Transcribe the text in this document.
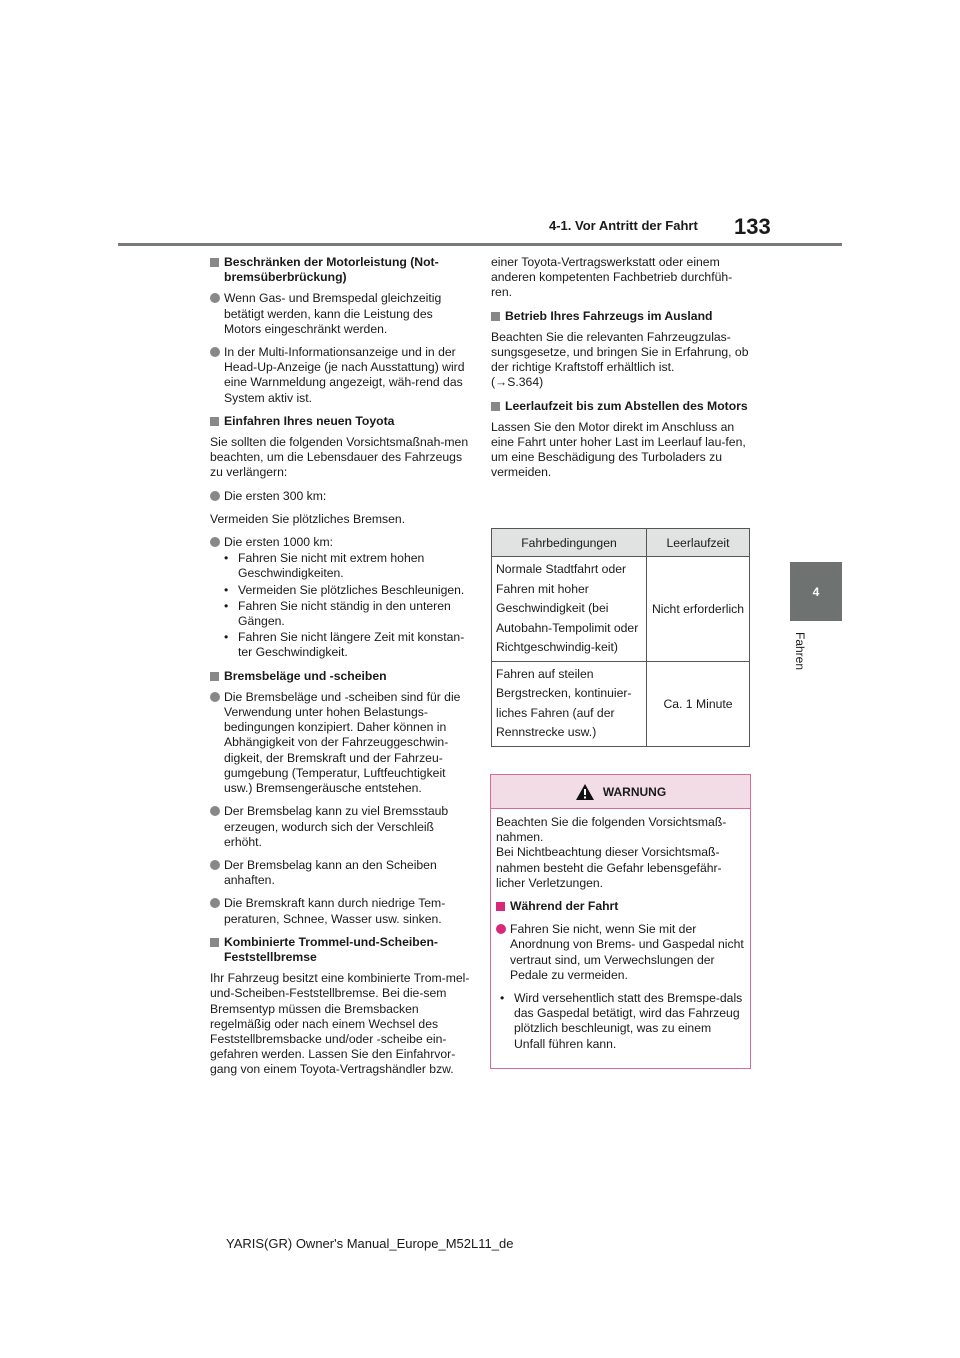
4-1. Vor Antritt der Fahrt 133
4
Fahren

Beschränken der Motorleistung (Not-bremsüberbrückung)

Wenn Gas- und Bremspedal gleichzeitig betätigt werden, kann die Leistung des Motors eingeschränkt werden.

In der Multi-Informationsanzeige und in der Head-Up-Anzeige (je nach Ausstattung) wird eine Warnmeldung angezeigt, wäh-rend das System aktiv ist.

Einfahren Ihres neuen Toyota

Sie sollten die folgenden Vorsichtsmaßnah-men beachten, um die Lebensdauer des Fahrzeugs zu verlängern:

Die ersten 300 km:

Vermeiden Sie plötzliches Bremsen.

Die ersten 1000 km:

• Fahren Sie nicht mit extrem hohen Geschwindigkeiten.

• Vermeiden Sie plötzliches Beschleunigen.

• Fahren Sie nicht ständig in den unteren Gängen.

• Fahren Sie nicht längere Zeit mit konstan-ter Geschwindigkeit.

Bremsbeläge und -scheiben

Die Bremsbeläge und -scheiben sind für die Verwendung unter hohen Belastungs-bedingungen konzipiert. Daher können in Abhängigkeit von der Fahrzeuggeschwin-digkeit, der Bremskraft und der Fahrzeu-gumgebung (Temperatur, Luftfeuchtigkeit usw.) Bremsengeräusche entstehen.

Der Bremsbelag kann zu viel Bremsstaub erzeugen, wodurch sich der Verschleiß erhöht.

Der Bremsbelag kann an den Scheiben anhaften.

Die Bremskraft kann durch niedrige Tem-peraturen, Schnee, Wasser usw. sinken.

Kombinierte Trommel-und-Scheiben-Feststellbremse

Ihr Fahrzeug besitzt eine kombinierte Trom-mel-und-Scheiben-Feststellbremse. Bei die-sem Bremsentyp müssen die Bremsbacken regelmäßig oder nach einem Wechsel des Feststellbremsbacke und/oder -scheibe ein-gefahren werden. Lassen Sie den Einfahrvor-gang von einem Toyota-Vertragshändler bzw.

einer Toyota-Vertragswerkstatt oder einem anderen kompetenten Fachbetrieb durchfüh-ren.

Betrieb Ihres Fahrzeugs im Ausland

Beachten Sie die relevanten Fahrzeugzulas-sungsgesetze, und bringen Sie in Erfahrung, ob der richtige Kraftstoff erhältlich ist.

(→S.364)

Leerlaufzeit bis zum Abstellen des Motors

Lassen Sie den Motor direkt im Anschluss an eine Fahrt unter hoher Last im Leerlauf lau-fen, um eine Beschädigung des Turboladers zu vermeiden.

Fahrbedingungen	Leerlaufzeit
Normale Stadtfahrt oder Fahren mit hoher Geschwindigkeit (bei Autobahn-Tempolimit oder Richtgeschwindig-keit)	Nicht erforderlich
Fahren auf steilen Bergstrecken, kontinuier-liches Fahren (auf der Rennstrecke usw.)	Ca. 1 Minute
WARNUNG

Beachten Sie die folgenden Vorsichtsmaß-nahmen.

Bei Nichtbeachtung dieser Vorsichtsmaß-nahmen besteht die Gefahr lebensgefähr-licher Verletzungen.

Während der Fahrt

Fahren Sie nicht, wenn Sie mit der Anordnung von Brems- und Gaspedal nicht vertraut sind, um Verwechslungen der Pedale zu vermeiden.

• Wird versehentlich statt des Bremspe-dals das Gaspedal betätigt, wird das Fahrzeug plötzlich beschleunigt, was zu einem Unfall führen kann.

YARIS(GR) Owner's Manual_Europe_M52L11_de
